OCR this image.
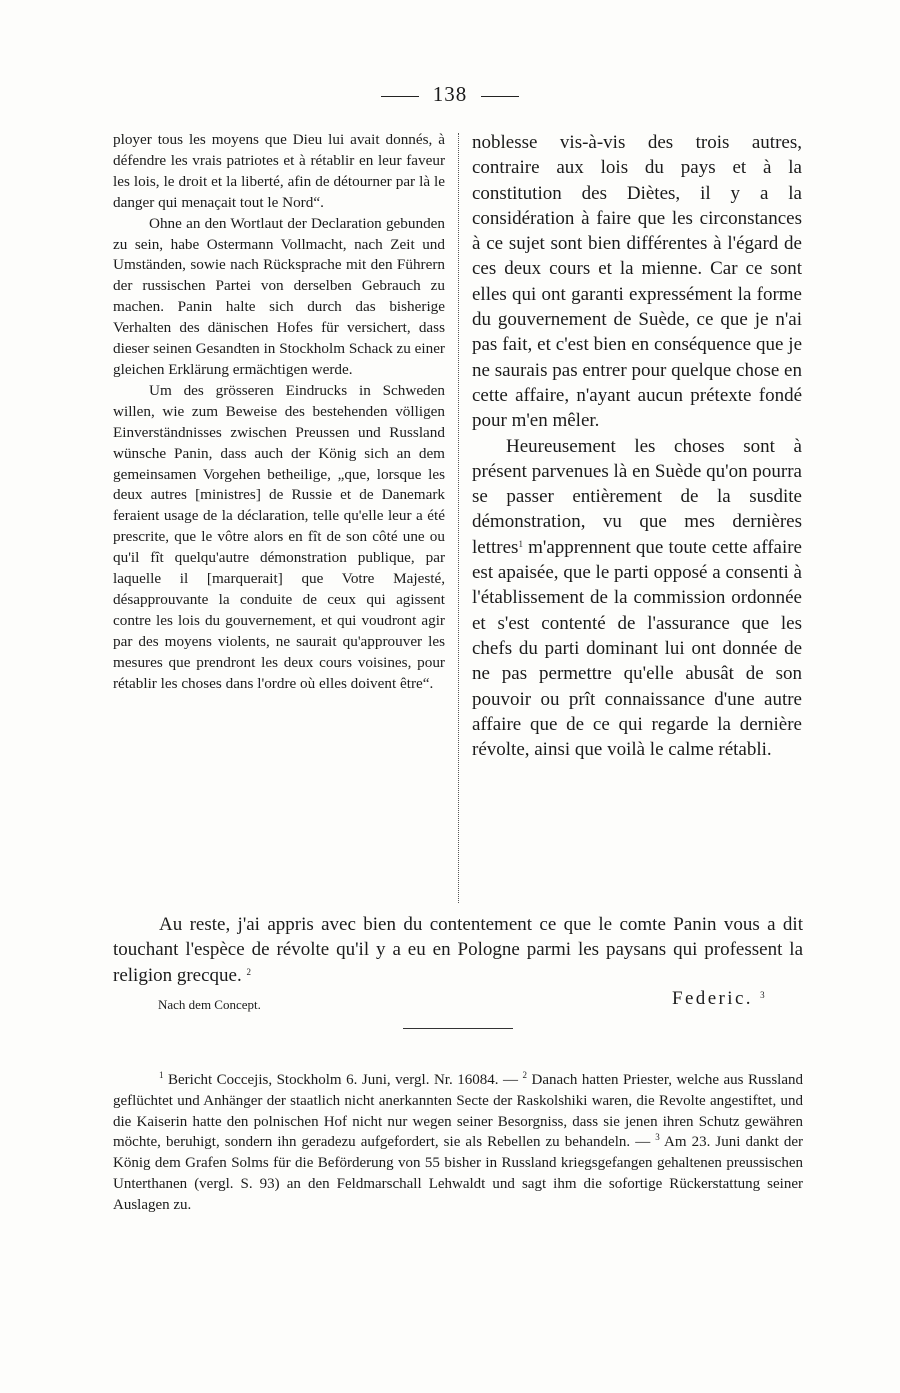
138

ployer tous les moyens que Dieu lui avait donnés, à défendre les vrais patriotes et à rétablir en leur faveur les lois, le droit et la liberté, afin de détourner par là le danger qui menaçait tout le Nord“.

Ohne an den Wortlaut der Declaration gebunden zu sein, habe Ostermann Vollmacht, nach Zeit und Umständen, sowie nach Rücksprache mit den Führern der russischen Partei von derselben Gebrauch zu machen. Panin halte sich durch das bisherige Verhalten des dänischen Hofes für versichert, dass dieser seinen Gesandten in Stockholm Schack zu einer gleichen Erklärung ermächtigen werde.

Um des grösseren Eindrucks in Schweden willen, wie zum Beweise des bestehenden völligen Einverständnisses zwischen Preussen und Russland wünsche Panin, dass auch der König sich an dem gemeinsamen Vorgehen betheilige, „que, lorsque les deux autres [ministres] de Russie et de Danemark feraient usage de la déclaration, telle qu'elle leur a été prescrite, que le vôtre alors en fît de son côté une ou qu'il fît quelqu'autre démonstration publique, par laquelle il [marquerait] que Votre Majesté, désapprouvante la conduite de ceux qui agissent contre les lois du gouvernement, et qui voudront agir par des moyens violents, ne saurait qu'approuver les mesures que prendront les deux cours voisines, pour rétablir les choses dans l'ordre où elles doivent être“.

noblesse vis-à-vis des trois autres, contraire aux lois du pays et à la constitution des Diètes, il y a la considération à faire que les circonstances à ce sujet sont bien différentes à l'égard de ces deux cours et la mienne. Car ce sont elles qui ont garanti expressément la forme du gouvernement de Suède, ce que je n'ai pas fait, et c'est bien en conséquence que je ne saurais pas entrer pour quelque chose en cette affaire, n'ayant aucun prétexte fondé pour m'en mêler.

Heureusement les choses sont à présent parvenues là en Suède qu'on pourra se passer entièrement de la susdite démonstration, vu que mes dernières lettres$^1$ m'apprennent que toute cette affaire est apaisée, que le parti opposé a consenti à l'établissement de la commission ordonnée et s'est contenté de l'assurance que les chefs du parti dominant lui ont donnée de ne pas permettre qu'elle abusât de son pouvoir ou prît connaissance d'une autre affaire que de ce qui regarde la dernière révolte, ainsi que voilà le calme rétabli.

Au reste, j'ai appris avec bien du contentement ce que le comte Panin vous a dit touchant l'espèce de révolte qu'il y a eu en Pologne parmi les paysans qui professent la religion grecque. $^2$

Nach dem Concept.	Federic. $^3$

$^1$ Bericht Coccejis, Stockholm 6. Juni, vergl. Nr. 16084. — $^2$ Danach hatten Priester, welche aus Russland geflüchtet und Anhänger der staatlich nicht anerkannten Secte der Raskolshiki waren, die Revolte angestiftet, und die Kaiserin hatte den polnischen Hof nicht nur wegen seiner Besorgniss, dass sie jenen ihren Schutz gewähren möchte, beruhigt, sondern ihn geradezu aufgefordert, sie als Rebellen zu behandeln. — $^3$ Am 23. Juni dankt der König dem Grafen Solms für die Beförderung von 55 bisher in Russland kriegsgefangen gehaltenen preussischen Unterthanen (vergl. S. 93) an den Feldmarschall Lehwaldt und sagt ihm die sofortige Rückerstattung seiner Auslagen zu.
